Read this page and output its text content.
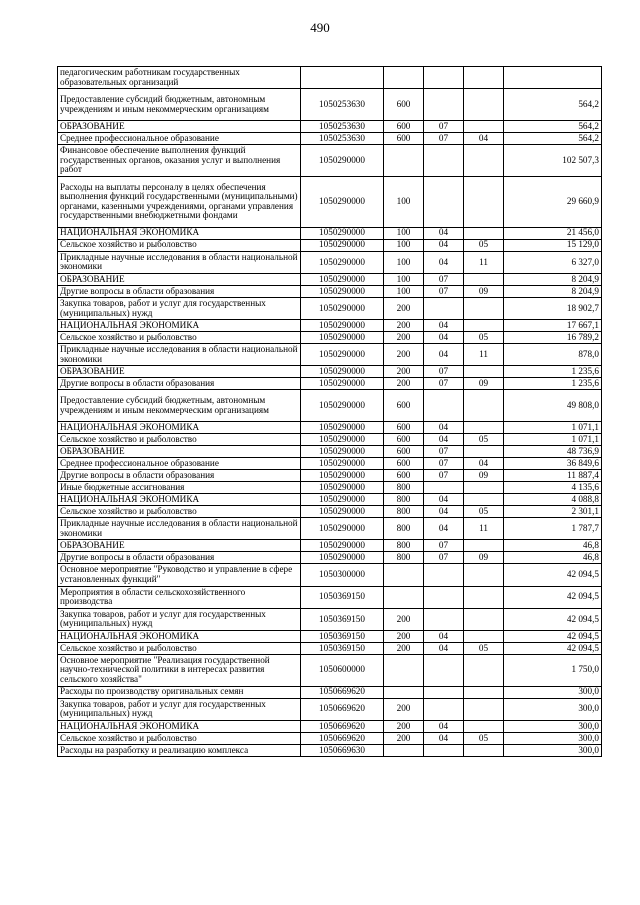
490
педагогическим работникам государственных образовательных организаций					
Предоставление субсидий бюджетным, автономным учреждениям и иным некоммерческим организациям	1050253630	600			564,2
ОБРАЗОВАНИЕ	1050253630	600	07		564,2
Среднее профессиональное образование	1050253630	600	07	04	564,2
Финансовое обеспечение выполнения функций государственных органов, оказания услуг и выполнения работ	1050290000				102 507,3
Расходы на выплаты персоналу в целях обеспечения выполнения функций государственными (муниципальными) органами, казенными учреждениями, органами управления государственными внебюджетными фондами	1050290000	100			29 660,9
НАЦИОНАЛЬНАЯ ЭКОНОМИКА	1050290000	100	04		21 456,0
Сельское хозяйство и рыболовство	1050290000	100	04	05	15 129,0
Прикладные научные исследования в области национальной экономики	1050290000	100	04	11	6 327,0
ОБРАЗОВАНИЕ	1050290000	100	07		8 204,9
Другие вопросы в области образования	1050290000	100	07	09	8 204,9
Закупка товаров, работ и услуг для государственных (муниципальных) нужд	1050290000	200			18 902,7
НАЦИОНАЛЬНАЯ ЭКОНОМИКА	1050290000	200	04		17 667,1
Сельское хозяйство и рыболовство	1050290000	200	04	05	16 789,2
Прикладные научные исследования в области национальной экономики	1050290000	200	04	11	878,0
ОБРАЗОВАНИЕ	1050290000	200	07		1 235,6
Другие вопросы в области образования	1050290000	200	07	09	1 235,6
Предоставление субсидий бюджетным, автономным учреждениям и иным некоммерческим организациям	1050290000	600			49 808,0
НАЦИОНАЛЬНАЯ ЭКОНОМИКА	1050290000	600	04		1 071,1
Сельское хозяйство и рыболовство	1050290000	600	04	05	1 071,1
ОБРАЗОВАНИЕ	1050290000	600	07		48 736,9
Среднее профессиональное образование	1050290000	600	07	04	36 849,6
Другие вопросы в области образования	1050290000	600	07	09	11 887,4
Иные бюджетные ассигнования	1050290000	800			4 135,6
НАЦИОНАЛЬНАЯ ЭКОНОМИКА	1050290000	800	04		4 088,8
Сельское хозяйство и рыболовство	1050290000	800	04	05	2 301,1
Прикладные научные исследования в области национальной экономики	1050290000	800	04	11	1 787,7
ОБРАЗОВАНИЕ	1050290000	800	07		46,8
Другие вопросы в области образования	1050290000	800	07	09	46,8
Основное мероприятие "Руководство и управление в сфере установленных функций"	1050300000				42 094,5
Мероприятия в области сельскохозяйственного производства	1050369150				42 094,5
Закупка товаров, работ и услуг для государственных (муниципальных) нужд	1050369150	200			42 094,5
НАЦИОНАЛЬНАЯ ЭКОНОМИКА	1050369150	200	04		42 094,5
Сельское хозяйство и рыболовство	1050369150	200	04	05	42 094,5
Основное мероприятие "Реализация государственной научно-технической политики в интересах развития сельского хозяйства"	1050600000				1 750,0
Расходы по производству оригинальных семян	1050669620				300,0
Закупка товаров, работ и услуг для государственных (муниципальных) нужд	1050669620	200			300,0
НАЦИОНАЛЬНАЯ ЭКОНОМИКА	1050669620	200	04		300,0
Сельское хозяйство и рыболовство	1050669620	200	04	05	300,0
Расходы на разработку и реализацию комплекса	1050669630				300,0
